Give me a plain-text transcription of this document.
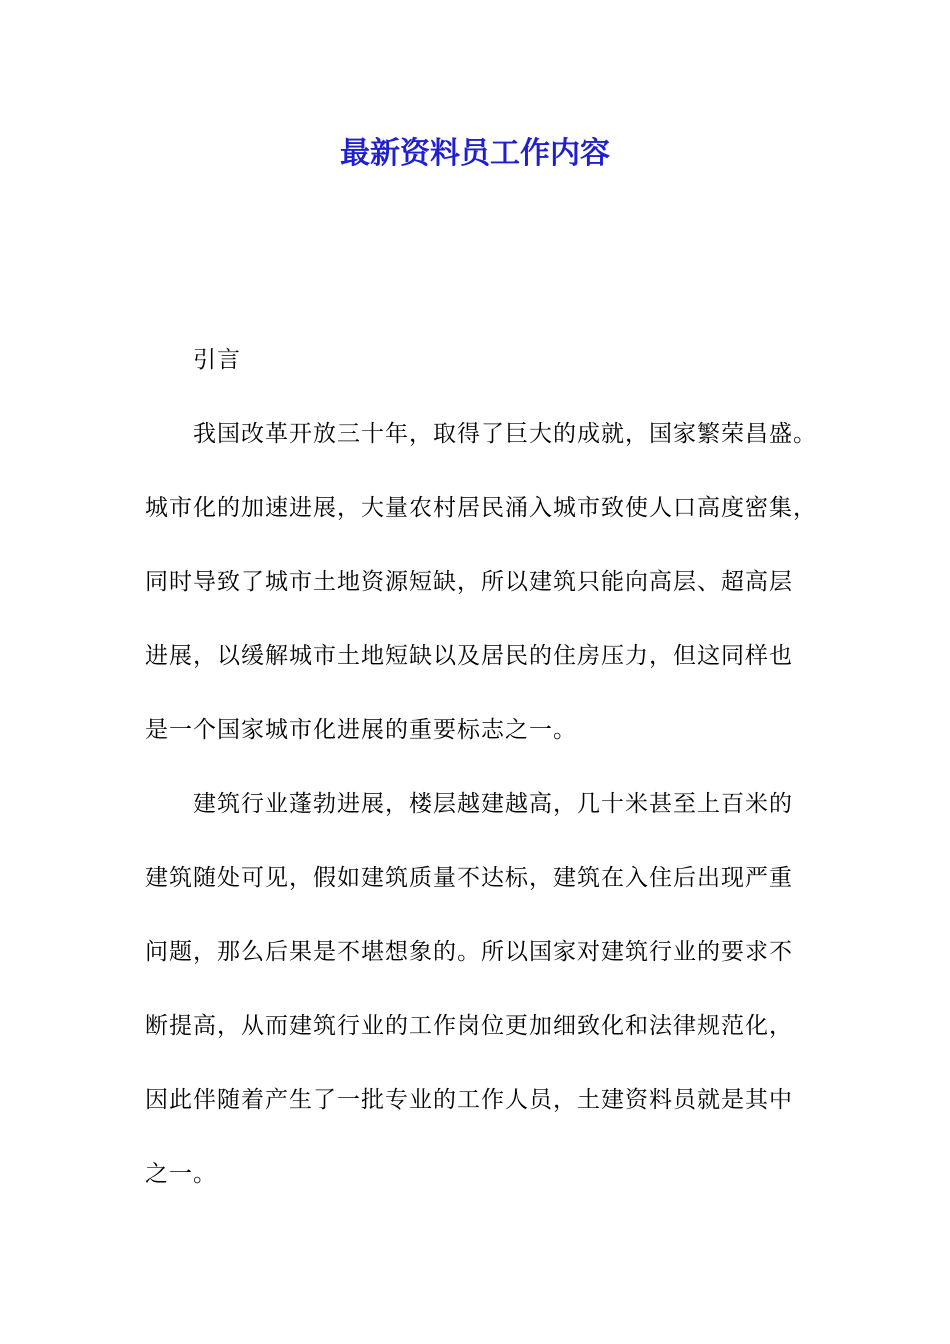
最新资料员工作内容
引言
我国改革开放三十年，取得了巨大的成就，国家繁荣昌盛。
城市化的加速进展，大量农村居民涌入城市致使人口高度密集，
同时导致了城市土地资源短缺，所以建筑只能向高层、超高层
进展，以缓解城市土地短缺以及居民的住房压力，但这同样也
是一个国家城市化进展的重要标志之一。
建筑行业蓬勃进展，楼层越建越高，几十米甚至上百米的
建筑随处可见，假如建筑质量不达标，建筑在入住后出现严重
问题，那么后果是不堪想象的。所以国家对建筑行业的要求不
断提高，从而建筑行业的工作岗位更加细致化和法律规范化，
因此伴随着产生了一批专业的工作人员，土建资料员就是其中
之一。
